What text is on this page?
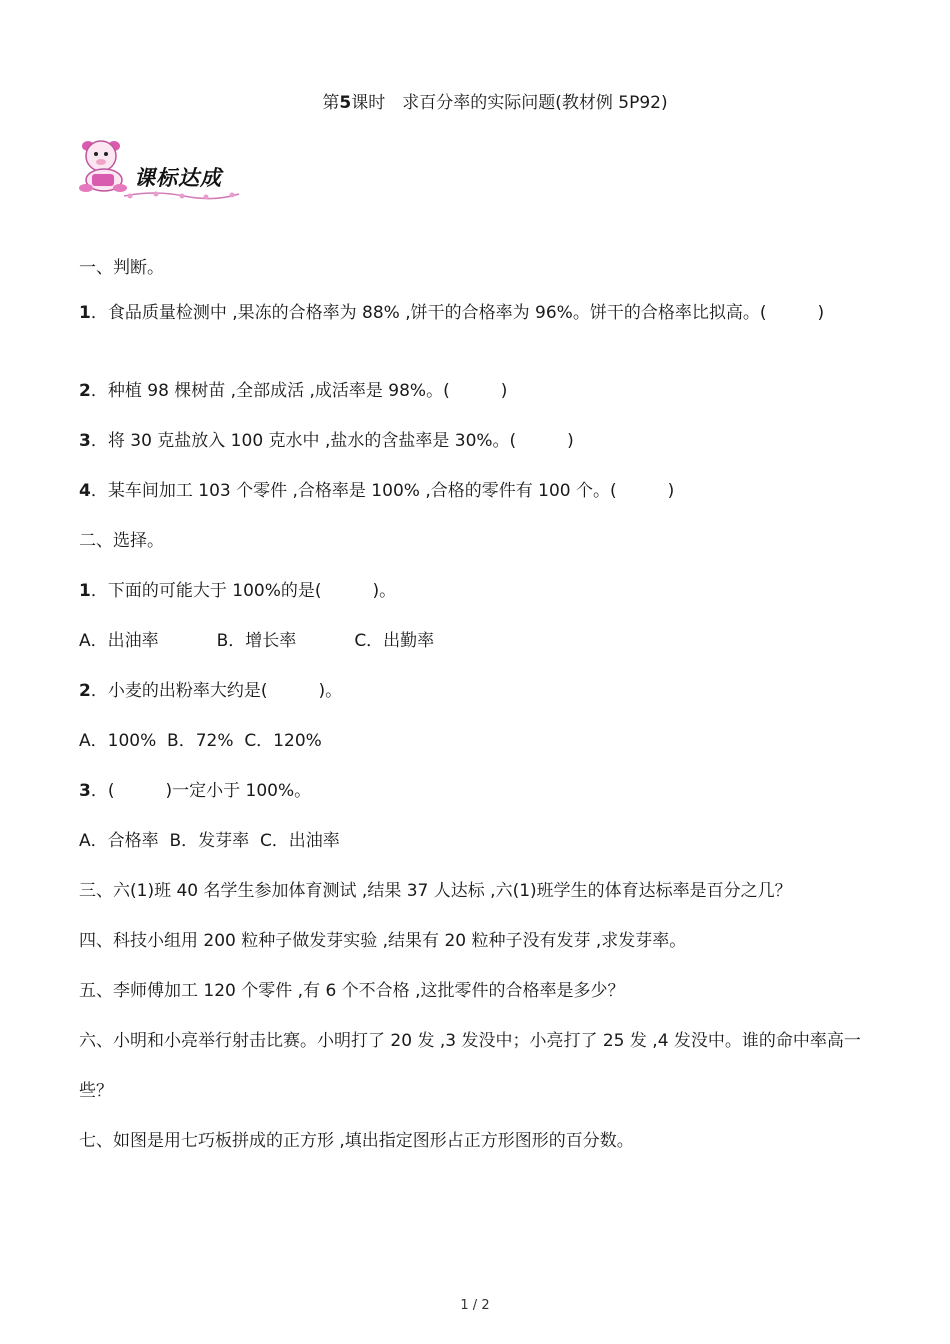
第5课时　求百分率的实际问题(教材例 5P92)
课标达成
一、判断。
1．食品质量检测中 ,果冻的合格率为 88% ,饼干的合格率为 96%。饼干的合格率比拟高。(　　　)
2．种植 98 棵树苗 ,全部成活 ,成活率是 98%。(　　　)
3．将 30 克盐放入 100 克水中 ,盐水的含盐率是 30%。(　　　)
4．某车间加工 103 个零件 ,合格率是 100% ,合格的零件有 100 个。(　　　)
二、选择。
1．下面的可能大于 100%的是(　　　)。
A．出油率	B．增长率	C．出勤率
2．小麦的出粉率大约是(　　　)。
A．100% B．72% C．120%
3．(　　　)一定小于 100%。
A．合格率 B．发芽率 C．出油率
三、六(1)班 40 名学生参加体育测试 ,结果 37 人达标 ,六(1)班学生的体育达标率是百分之几？
四、科技小组用 200 粒种子做发芽实验 ,结果有 20 粒种子没有发芽 ,求发芽率。
五、李师傅加工 120 个零件 ,有 6 个不合格 ,这批零件的合格率是多少？
六、小明和小亮举行射击比赛。小明打了 20 发 ,3 发没中；小亮打了 25 发 ,4 发没中。谁的命中率高一些？
七、如图是用七巧板拼成的正方形 ,填出指定图形占正方形图形的百分数。
1 / 2
